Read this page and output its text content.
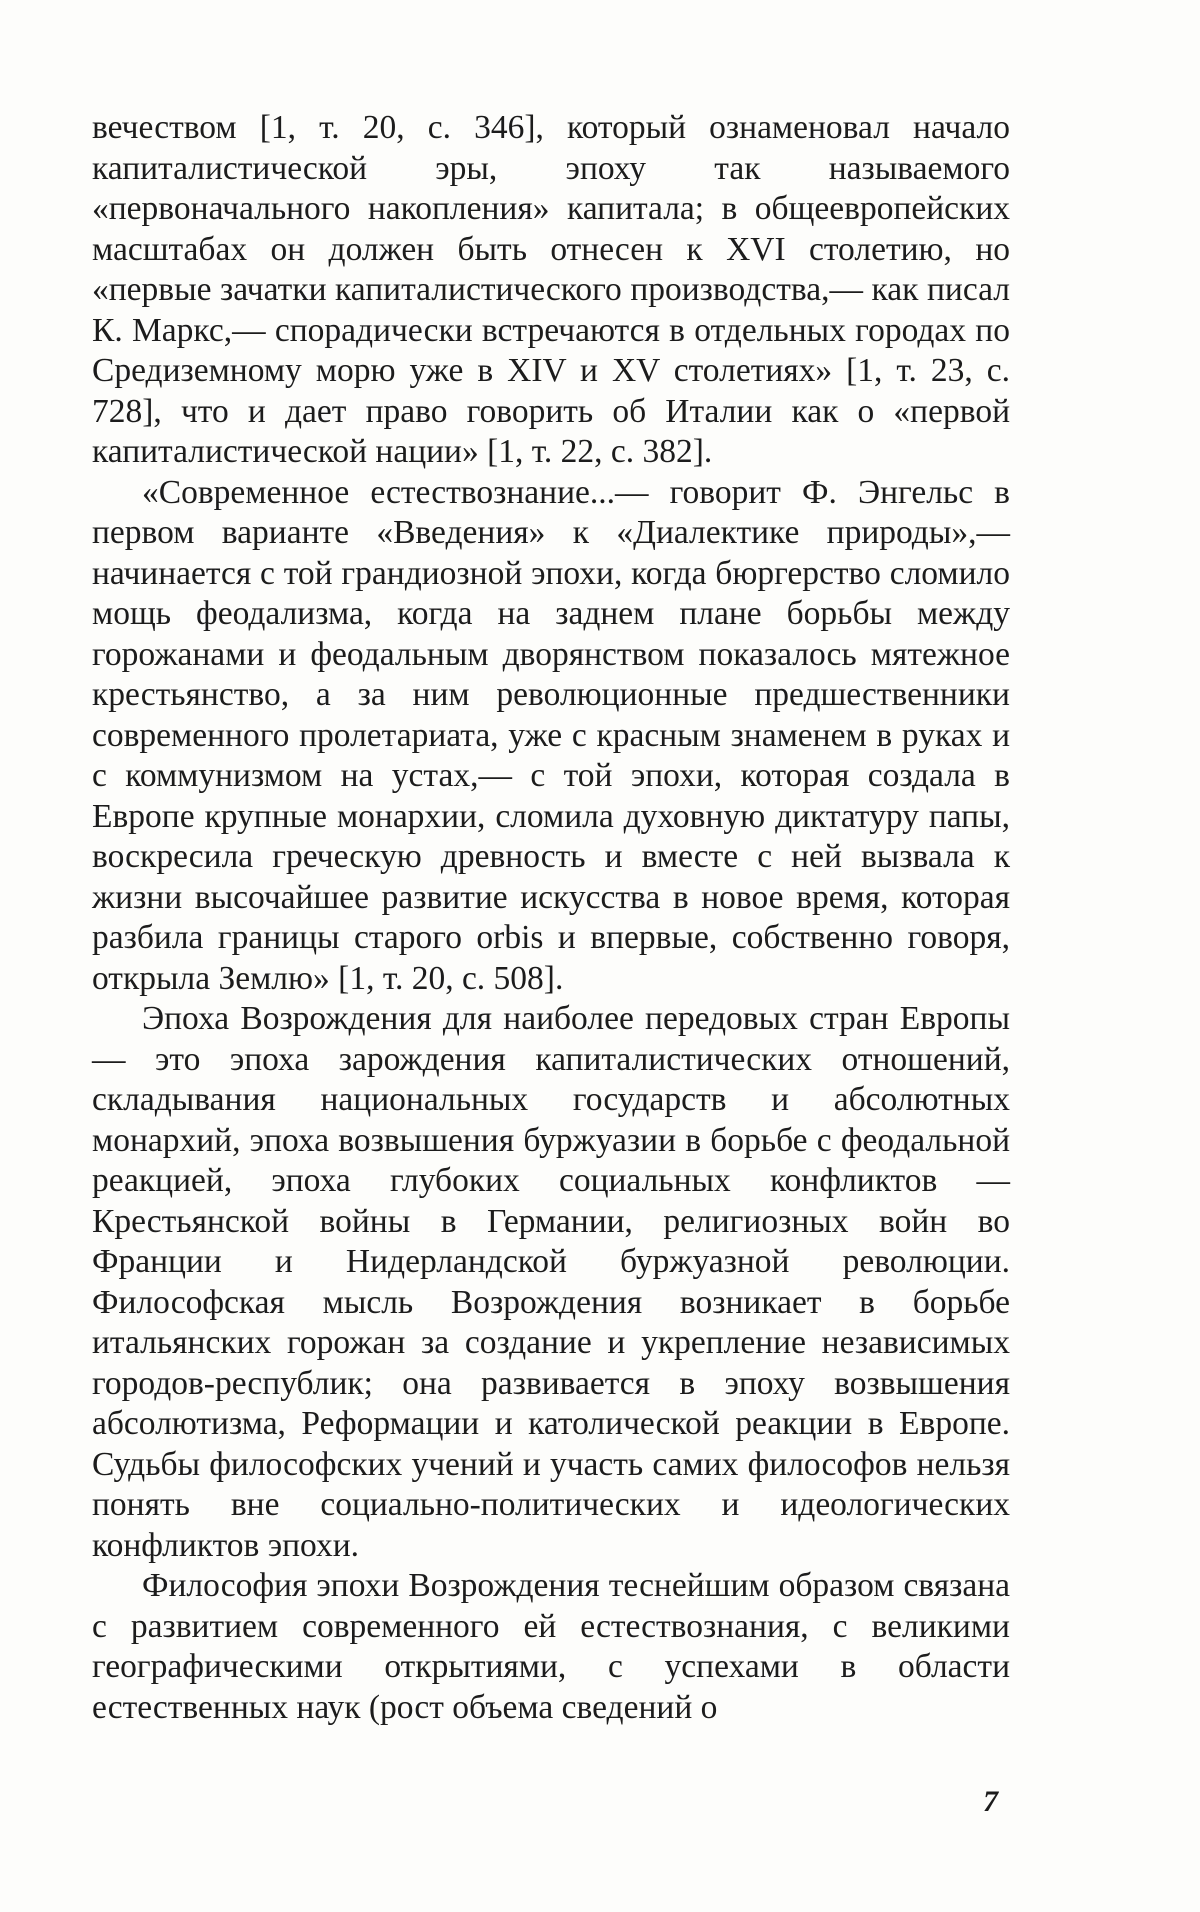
вечеством [1, т. 20, с. 346], который ознаменовал начало капиталистической эры, эпоху так называемого «первоначального накопления» капитала; в общеевропейских масштабах он должен быть отнесен к XVI столетию, но «первые зачатки капиталистического производства,— как писал К. Маркс,— спорадически встречаются в отдельных городах по Средиземному морю уже в XIV и XV столетиях» [1, т. 23, с. 728], что и дает право говорить об Италии как о «первой капиталистической нации» [1, т. 22, с. 382].

«Современное естествознание...— говорит Ф. Энгельс в первом варианте «Введения» к «Диалектике природы»,— начинается с той грандиозной эпохи, когда бюргерство сломило мощь феодализма, когда на заднем плане борьбы между горожанами и феодальным дворянством показалось мятежное крестьянство, а за ним революционные предшественники современного пролетариата, уже с красным знаменем в руках и с коммунизмом на устах,— с той эпохи, которая создала в Европе крупные монархии, сломила духовную диктатуру папы, воскресила греческую древность и вместе с ней вызвала к жизни высочайшее развитие искусства в новое время, которая разбила границы старого orbis и впервые, собственно говоря, открыла Землю» [1, т. 20, с. 508].

Эпоха Возрождения для наиболее передовых стран Европы — это эпоха зарождения капиталистических отношений, складывания национальных государств и абсолютных монархий, эпоха возвышения буржуазии в борьбе с феодальной реакцией, эпоха глубоких социальных конфликтов — Крестьянской войны в Германии, религиозных войн во Франции и Нидерландской буржуазной революции. Философская мысль Возрождения возникает в борьбе итальянских горожан за создание и укрепление независимых городов-республик; она развивается в эпоху возвышения абсолютизма, Реформации и католической реакции в Европе. Судьбы философских учений и участь самих философов нельзя понять вне социально-политических и идеологических конфликтов эпохи.

Философия эпохи Возрождения теснейшим образом связана с развитием современного ей естествознания, с великими географическими открытиями, с успехами в области естественных наук (рост объема сведений о

7
